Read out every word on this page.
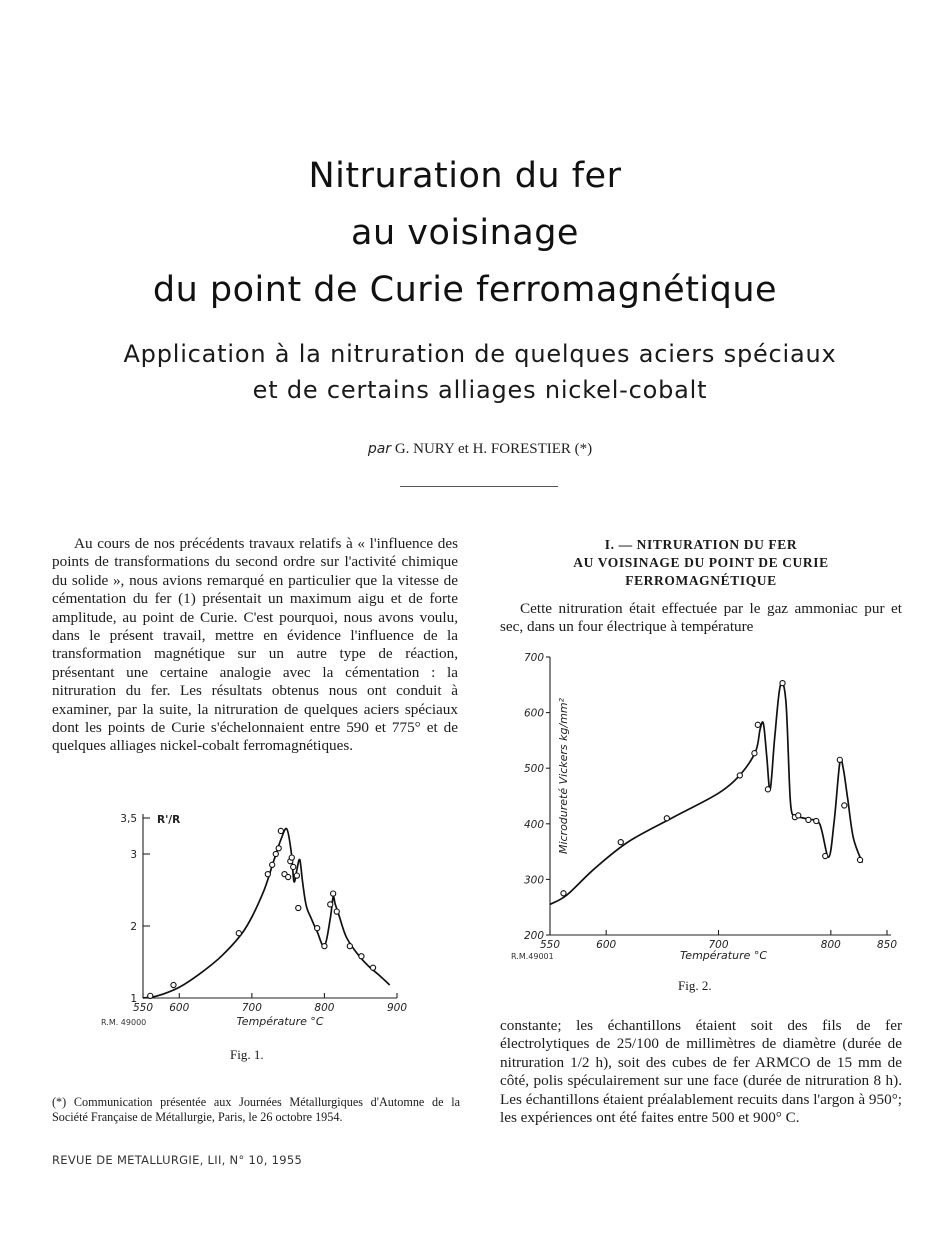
Nitruration du fer
au voisinage
du point de Curie ferromagnétique
Application à la nitruration de quelques aciers spéciaux
et de certains alliages nickel-cobalt
par G. NURY et H. FORESTIER (*)
Au cours de nos précédents travaux relatifs à « l'influence des points de transformations du second ordre sur l'activité chimique du solide », nous avions remarqué en particulier que la vitesse de cémentation du fer (1) présentait un maximum aigu et de forte amplitude, au point de Curie. C'est pourquoi, nous avons voulu, dans le présent travail, mettre en évidence l'influence de la transformation magnétique sur un autre type de réaction, présentant une certaine analogie avec la cémentation : la nitruration du fer. Les résultats obtenus nous ont conduit à examiner, par la suite, la nitruration de quelques aciers spéciaux dont les points de Curie s'échelonnaient entre 590 et 775° et de quelques alliages nickel-cobalt ferromagnétiques.
1
2
3
3,5
550 600	700	800	900
R'/R
Température °C
R.M. 49000
Fig. 1.
(*) Communication présentée aux Journées Métallurgiques d'Automne de la Société Française de Métallurgie, Paris, le 26 octobre 1954.
REVUE DE METALLURGIE, LII, N° 10, 1955
I. — NITRURATION DU FER
AU VOISINAGE DU POINT DE CURIE
FERROMAGNÉTIQUE
Cette nitruration était effectuée par le gaz ammoniac pur et sec, dans un four électrique à température
200
300
400
500
600
700
550	600	700	800	850
Microdureté Vickers kg/mm²
Température °C
R.M.49001
Fig. 2.
constante; les échantillons étaient soit des fils de fer électrolytiques de 25/100 de millimètres de diamètre (durée de nitruration 1/2 h), soit des cubes de fer ARMCO de 15 mm de côté, polis spéculairement sur une face (durée de nitruration 8 h). Les échantillons étaient préalablement recuits dans l'argon à 950°; les expériences ont été faites entre 500 et 900° C.
